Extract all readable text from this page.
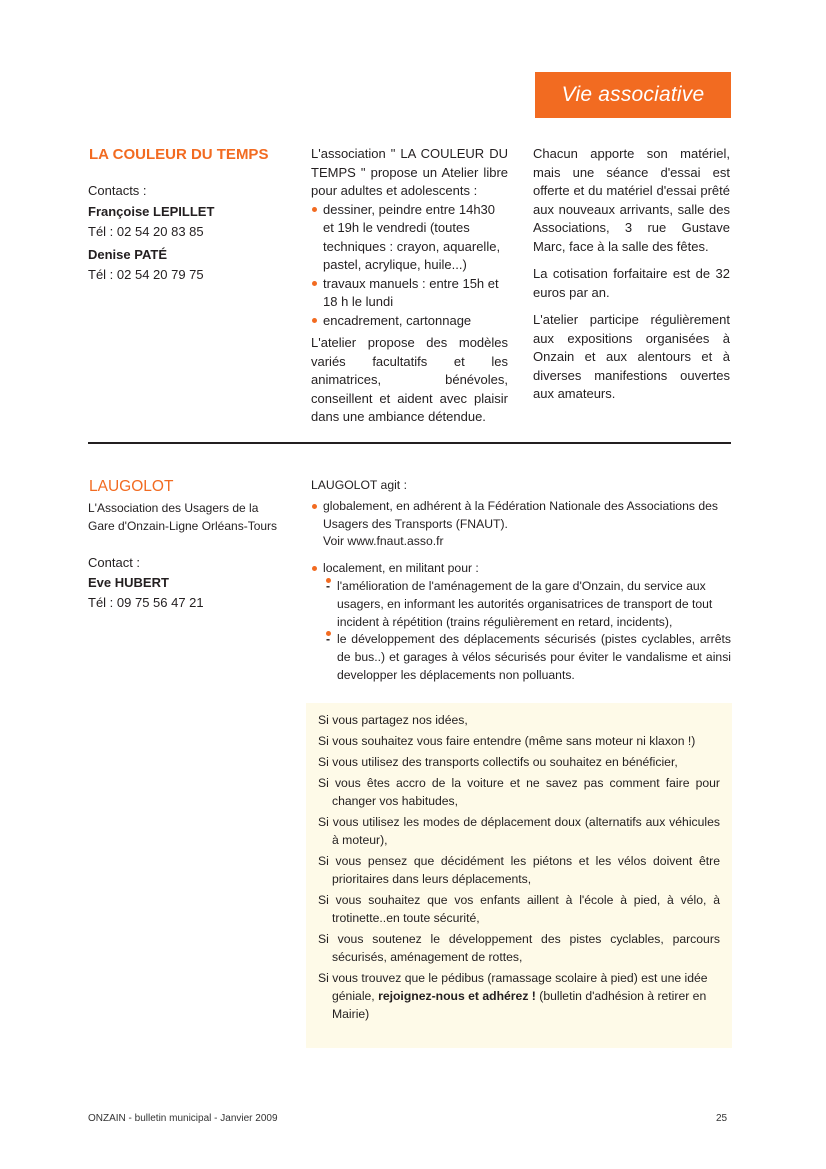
Vie associative
LA COULEUR DU TEMPS
Contacts :
Françoise LEPILLET
Tél : 02 54 20 83 85
Denise PATÉ
Tél : 02 54 20 79 75

L'association " LA COULEUR DU TEMPS " propose un Atelier libre pour adultes et adolescents :

dessiner, peindre entre 14h30 et 19h le vendredi (toutes techniques : crayon, aquarelle, pastel, acrylique, huile...)
travaux manuels : entre 15h et 18 h le lundi
encadrement, cartonnage

L'atelier propose des modèles variés facultatifs et les animatrices, bénévoles, conseillent et aident avec plaisir dans une ambiance détendue.

Chacun apporte son matériel, mais une séance d'essai est offerte et du matériel d'essai prêté aux nouveaux arrivants, salle des Associations, 3 rue Gustave Marc, face à la salle des fêtes.

La cotisation forfaitaire est de 32 euros par an.

L'atelier participe régulièrement aux expositions organisées à Onzain et aux alentours et à diverses manifestions ouvertes aux amateurs.

LAUGOLOT
L'Association des Usagers de la
Gare d'Onzain-Ligne Orléans-Tours
Contact :
Eve HUBERT
Tél : 09 75 56 47 21

LAUGOLOT agit :

globalement, en adhérent à la Fédération Nationale des Associations des Usagers des Transports (FNAUT).
Voir www.fnaut.asso.fr
localement, en militant pour :
- l'amélioration de l'aménagement de la gare d'Onzain, du service aux usagers, en informant les autorités organisatrices de transport de tout incident à répétition (trains régulièrement en retard, incidents),
- le développement des déplacements sécurisés (pistes cyclables, arrêts de bus..) et garages à vélos sécurisés pour éviter le vandalisme et ainsi developper les déplacements non polluants.

Si vous partagez nos idées,

Si vous souhaitez vous faire entendre (même sans moteur ni klaxon !)

Si vous utilisez des transports collectifs ou souhaitez en bénéficier,

Si vous êtes accro de la voiture et ne savez pas comment faire pour changer vos habitudes,

Si vous utilisez les modes de déplacement doux (alternatifs aux véhicules à moteur),

Si vous pensez que décidément les piétons et les vélos doivent être prioritaires dans leurs déplacements,

Si vous souhaitez que vos enfants aillent à l'école à pied, à vélo, à trotinette..en toute sécurité,

Si vous soutenez le développement des pistes cyclables, parcours sécurisés, aménagement de rottes,

Si vous trouvez que le pédibus (ramassage scolaire à pied) est une idée géniale, rejoignez-nous et adhérez ! (bulletin d'adhésion à retirer en Mairie)

ONZAIN - bulletin municipal - Janvier 2009	25
